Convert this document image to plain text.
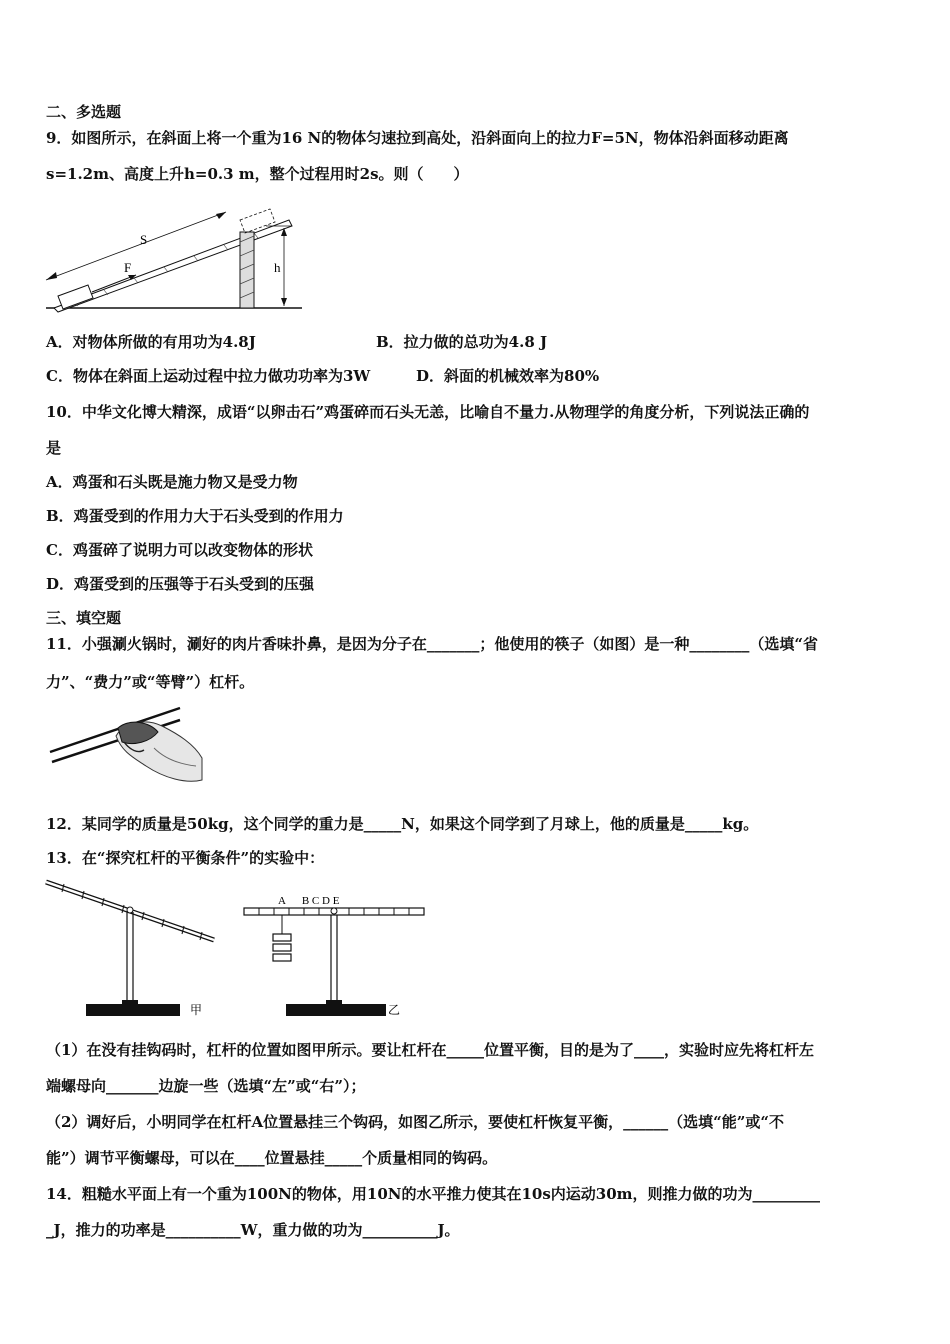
二、多选题
9．如图所示，在斜面上将一个重为16 N的物体匀速拉到高处，沿斜面向上的拉力F=5N，物体沿斜面移动距离
s=1.2m、高度上升h=0.3 m，整个过程用时2s。则（　　）
F
S
h
A．对物体所做的有用功为4.8J	B．拉力做的总功为4.8 J
C．物体在斜面上运动过程中拉力做功功率为3W	D．斜面的机械效率为80%
10．中华文化博大精深，成语“以卵击石”鸡蛋碎而石头无恙，比喻自不量力.从物理学的角度分析，下列说法正确的
是
A．鸡蛋和石头既是施力物又是受力物
B．鸡蛋受到的作用力大于石头受到的作用力
C．鸡蛋碎了说明力可以改变物体的形状
D．鸡蛋受到的压强等于石头受到的压强
三、填空题
11．小强涮火锅时，涮好的肉片香味扑鼻，是因为分子在_______；他使用的筷子（如图）是一种________（选填“省
力”、“费力”或“等臂”）杠杆。
12．某同学的质量是50kg，这个同学的重力是_____N，如果这个同学到了月球上，他的质量是_____kg。
13．在“探究杠杆的平衡条件”的实验中：
甲
A      B C D E
乙
（1）在没有挂钩码时，杠杆的位置如图甲所示。要让杠杆在_____位置平衡，目的是为了____，实验时应先将杠杆左
端螺母向_______边旋一些（选填“左”或“右”）；
（2）调好后，小明同学在杠杆A位置悬挂三个钩码，如图乙所示，要使杠杆恢复平衡，______（选填“能”或“不
能”）调节平衡螺母，可以在____位置悬挂_____个质量相同的钩码。
14．粗糙水平面上有一个重为100N的物体，用10N的水平推力使其在10s内运动30m，则推力做的功为_________
_J，推力的功率是__________W，重力做的功为__________J。
